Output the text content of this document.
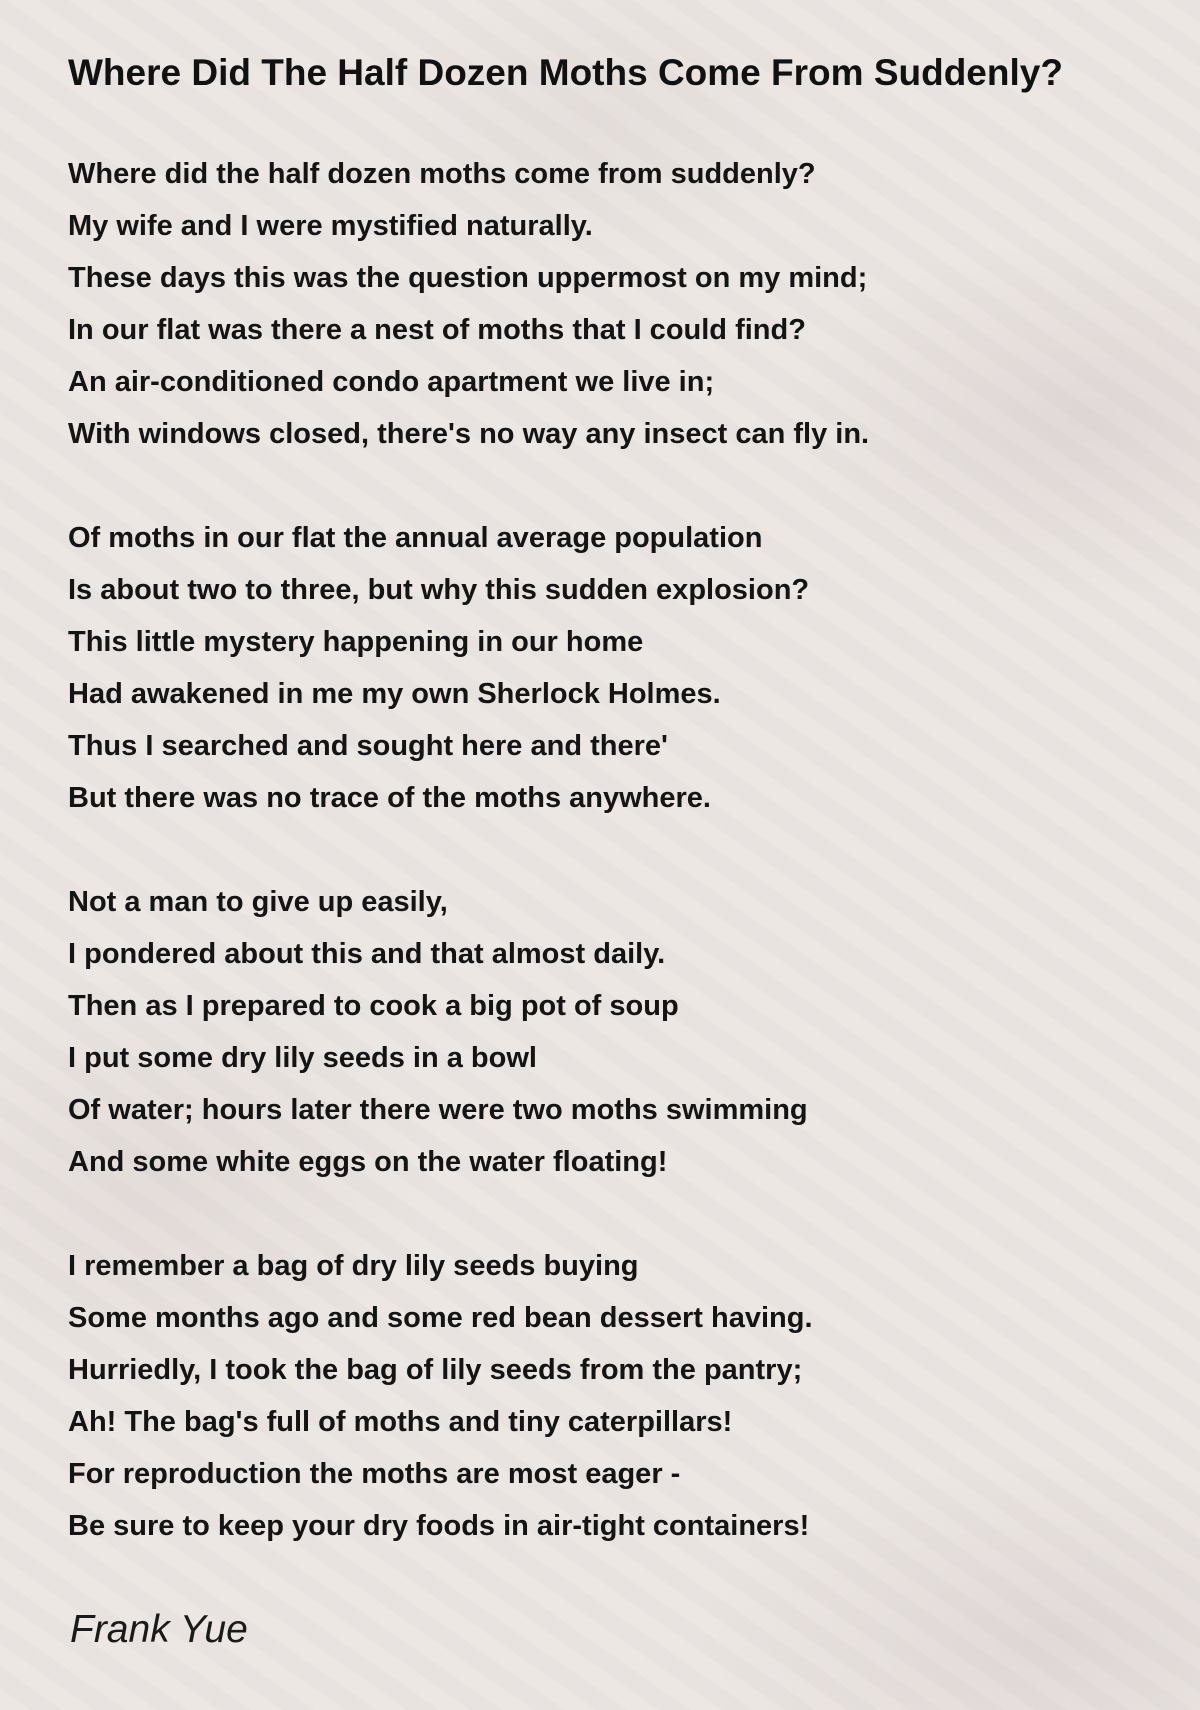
Where Did The Half Dozen Moths Come From Suddenly?
Where did the half dozen moths come from suddenly?
My wife and I were mystified naturally.
These days this was the question uppermost on my mind;
In our flat was there a nest of moths that I could find?
An air-conditioned condo apartment we live in;
With windows closed, there's no way any insect can fly in.
Of moths in our flat the annual average population
Is about two to three, but why this sudden explosion?
This little mystery happening in our home
Had awakened in me my own Sherlock Holmes.
Thus I searched and sought here and there'
But there was no trace of the moths anywhere.
Not a man to give up easily,
I pondered about this and that almost daily.
Then as I prepared to cook a big pot of soup
I put some dry lily seeds in a bowl
Of water; hours later there were two moths swimming
And some white eggs on the water floating!
I remember a bag of dry lily seeds buying
Some months ago and some red bean dessert having.
Hurriedly, I took the bag of lily seeds from the pantry;
Ah! The bag's full of moths and tiny caterpillars!
For reproduction the moths are most eager -
Be sure to keep your dry foods in air-tight containers!
Frank Yue
